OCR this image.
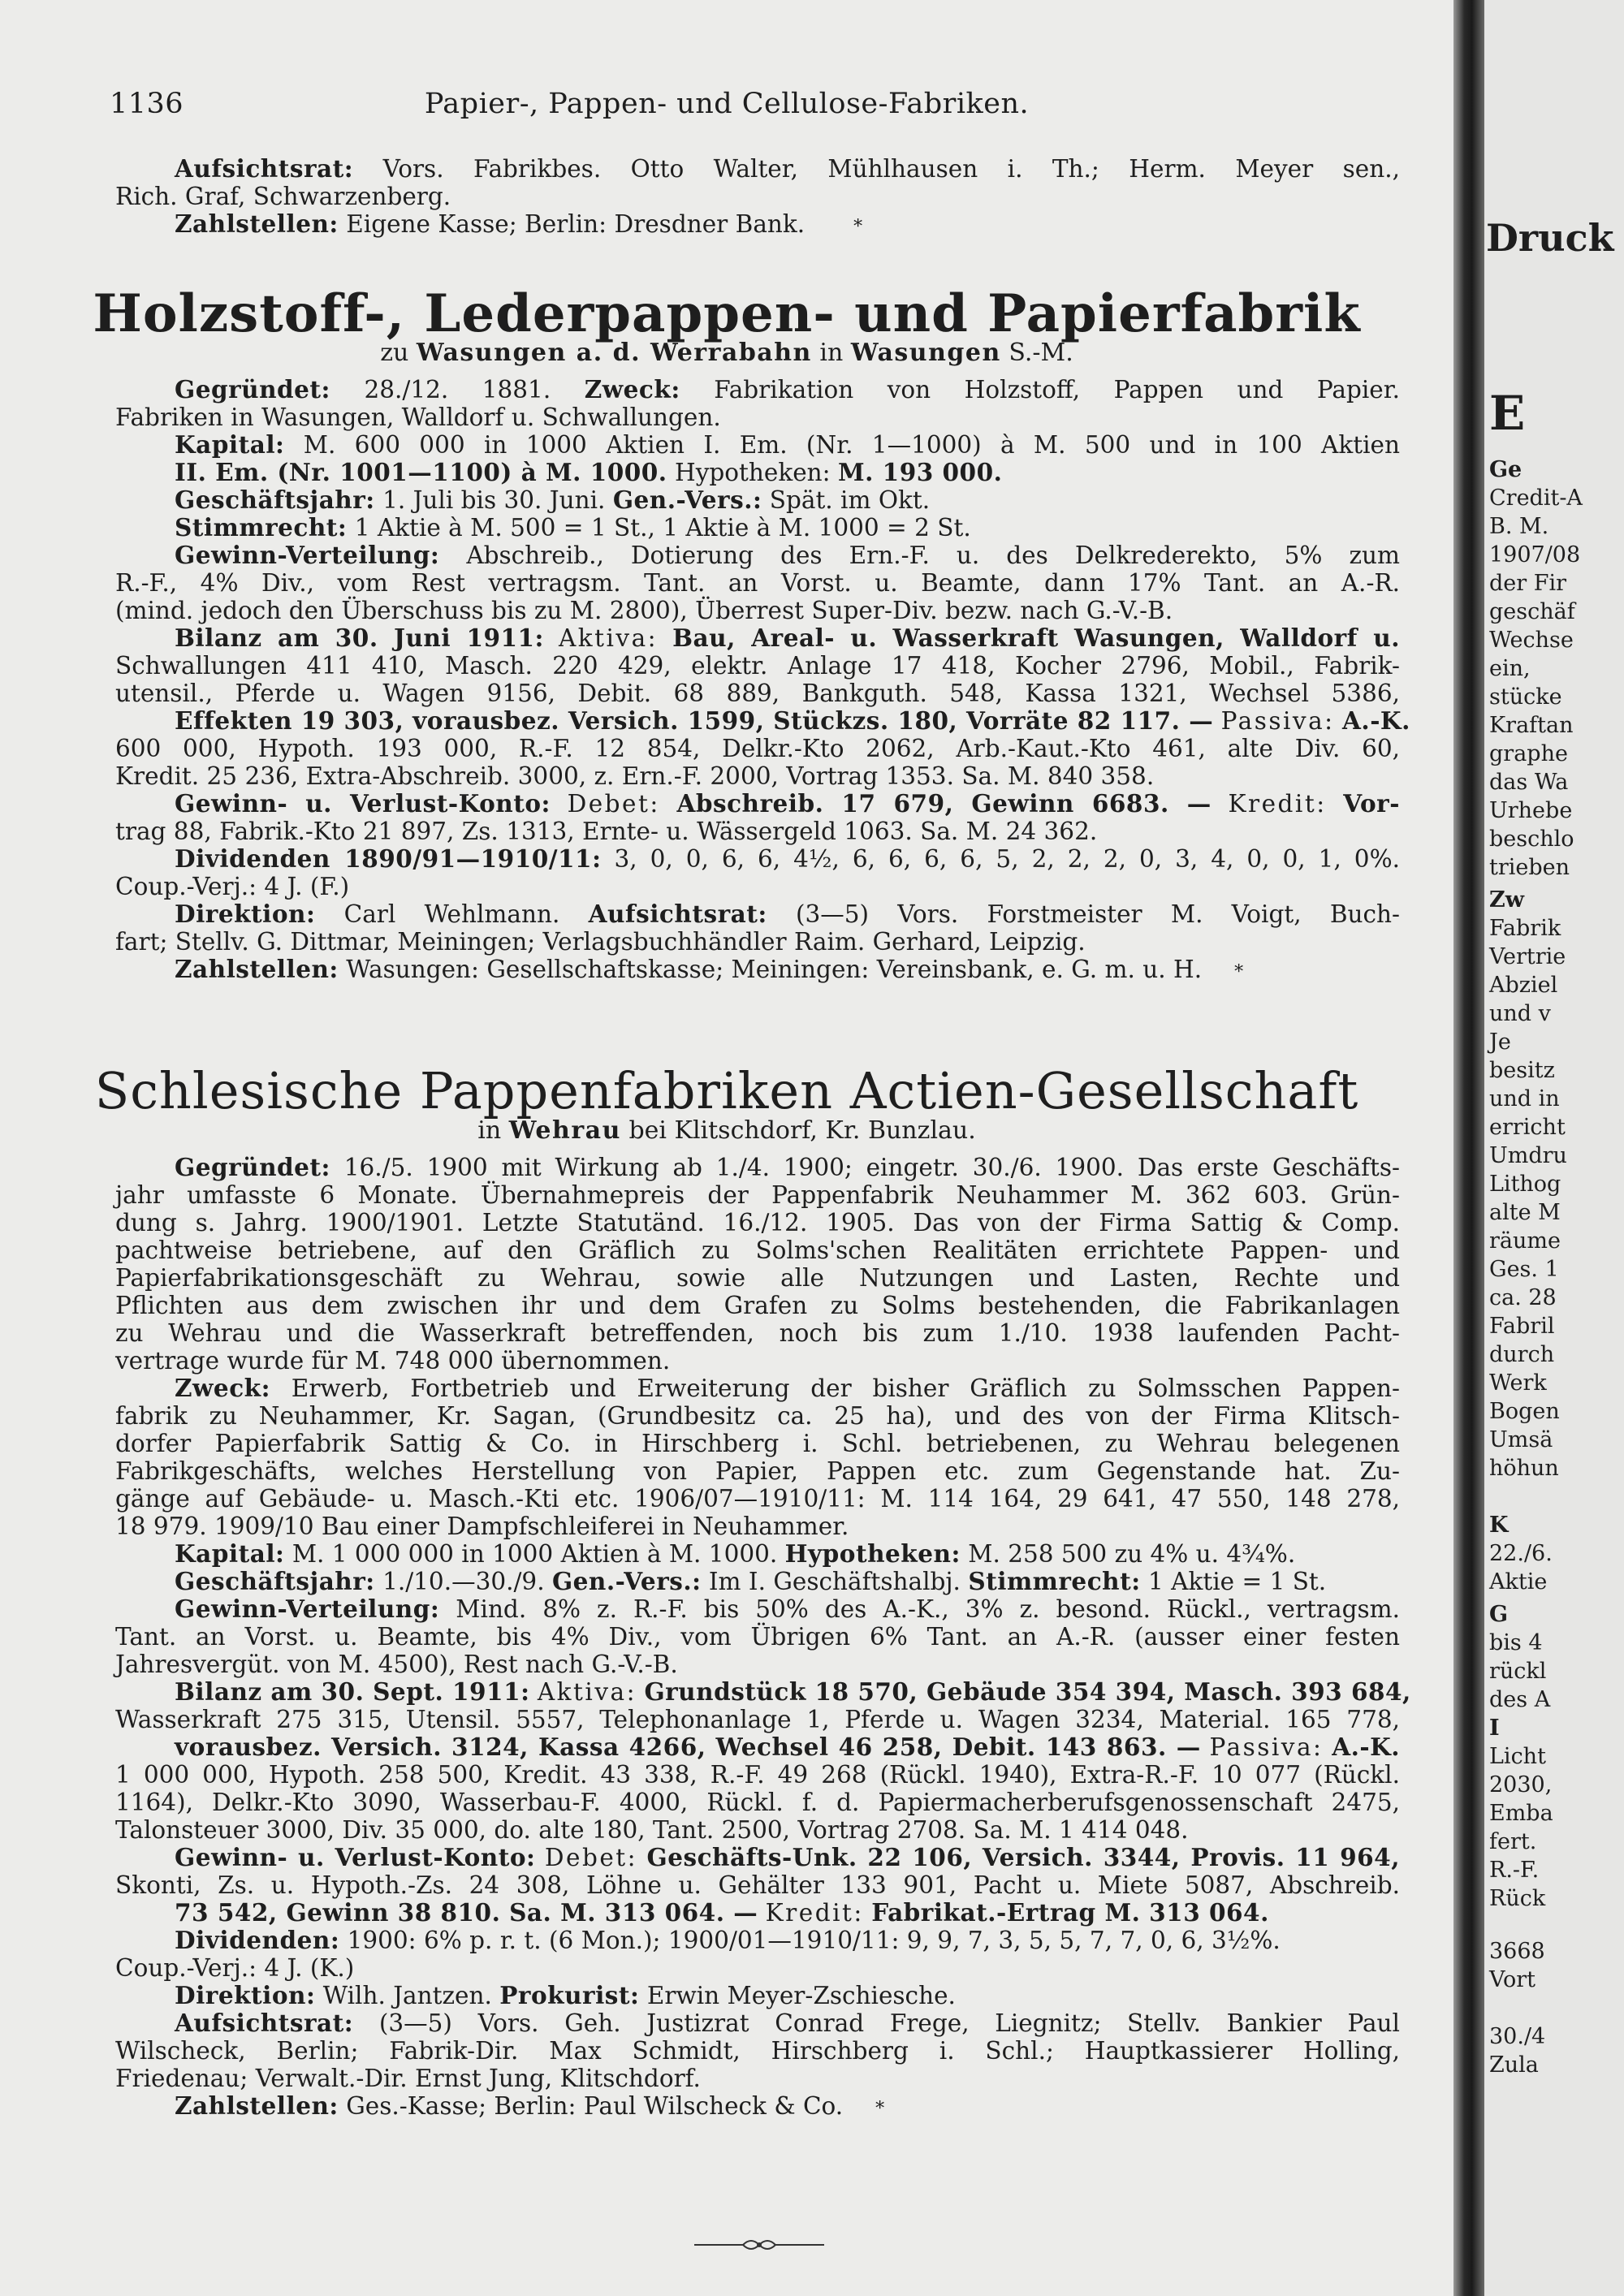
1136	Papier-, Pappen- und Cellulose-Fabriken.
Aufsichtsrat: Vors. Fabrikbes. Otto Walter, Mühlhausen i. Th.; Herm. Meyer sen.,
Rich. Graf, Schwarzenberg.
Zahlstellen: Eigene Kasse; Berlin: Dresdner Bank.	*
Holzstoff-, Lederpappen- und Papierfabrik
zu Wasungen a. d. Werrabahn in Wasungen S.-M.
Gegründet: 28./12. 1881. Zweck: Fabrikation von Holzstoff, Pappen und Papier.
Fabriken in Wasungen, Walldorf u. Schwallungen.
Kapital: M. 600 000 in 1000 Aktien I. Em. (Nr. 1—1000) à M. 500 und in 100 Aktien
II. Em. (Nr. 1001—1100) à M. 1000. Hypotheken: M. 193 000.
Geschäftsjahr: 1. Juli bis 30. Juni. Gen.-Vers.: Spät. im Okt.
Stimmrecht: 1 Aktie à M. 500 = 1 St., 1 Aktie à M. 1000 = 2 St.
Gewinn-Verteilung: Abschreib., Dotierung des Ern.-F. u. des Delkrederekto, 5% zum
R.-F., 4% Div., vom Rest vertragsm. Tant. an Vorst. u. Beamte, dann 17% Tant. an A.-R.
(mind. jedoch den Überschuss bis zu M. 2800), Überrest Super-Div. bezw. nach G.-V.-B.
Bilanz am 30. Juni 1911: Aktiva: Bau, Areal- u. Wasserkraft Wasungen, Walldorf u.
Schwallungen 411 410, Masch. 220 429, elektr. Anlage 17 418, Kocher 2796, Mobil., Fabrik-
utensil., Pferde u. Wagen 9156, Debit. 68 889, Bankguth. 548, Kassa 1321, Wechsel 5386,
Effekten 19 303, vorausbez. Versich. 1599, Stückzs. 180, Vorräte 82 117. — Passiva: A.-K.
600 000, Hypoth. 193 000, R.-F. 12 854, Delkr.-Kto 2062, Arb.-Kaut.-Kto 461, alte Div. 60,
Kredit. 25 236, Extra-Abschreib. 3000, z. Ern.-F. 2000, Vortrag 1353. Sa. M. 840 358.
Gewinn- u. Verlust-Konto: Debet: Abschreib. 17 679, Gewinn 6683. — Kredit: Vor-
trag 88, Fabrik.-Kto 21 897, Zs. 1313, Ernte- u. Wässergeld 1063. Sa. M. 24 362.
Dividenden 1890/91—1910/11: 3, 0, 0, 6, 6, 4½, 6, 6, 6, 6, 5, 2, 2, 2, 0, 3, 4, 0, 0, 1, 0%.
Coup.-Verj.: 4 J. (F.)
Direktion: Carl Wehlmann. Aufsichtsrat: (3—5) Vors. Forstmeister M. Voigt, Buch-
fart; Stellv. G. Dittmar, Meiningen; Verlagsbuchhändler Raim. Gerhard, Leipzig.
Zahlstellen: Wasungen: Gesellschaftskasse; Meiningen: Vereinsbank, e. G. m. u. H. *
Schlesische Pappenfabriken Actien-Gesellschaft
in Wehrau bei Klitschdorf, Kr. Bunzlau.
Gegründet: 16./5. 1900 mit Wirkung ab 1./4. 1900; eingetr. 30./6. 1900. Das erste Geschäfts-
jahr umfasste 6 Monate. Übernahmepreis der Pappenfabrik Neuhammer M. 362 603. Grün-
dung s. Jahrg. 1900/1901. Letzte Statutänd. 16./12. 1905. Das von der Firma Sattig & Comp.
pachtweise betriebene, auf den Gräflich zu Solms'schen Realitäten errichtete Pappen- und
Papierfabrikationsgeschäft zu Wehrau, sowie alle Nutzungen und Lasten, Rechte und
Pflichten aus dem zwischen ihr und dem Grafen zu Solms bestehenden, die Fabrikanlagen
zu Wehrau und die Wasserkraft betreffenden, noch bis zum 1./10. 1938 laufenden Pacht-
vertrage wurde für M. 748 000 übernommen.
Zweck: Erwerb, Fortbetrieb und Erweiterung der bisher Gräflich zu Solmsschen Pappen-
fabrik zu Neuhammer, Kr. Sagan, (Grundbesitz ca. 25 ha), und des von der Firma Klitsch-
dorfer Papierfabrik Sattig & Co. in Hirschberg i. Schl. betriebenen, zu Wehrau belegenen
Fabrikgeschäfts, welches Herstellung von Papier, Pappen etc. zum Gegenstande hat. Zu-
gänge auf Gebäude- u. Masch.-Kti etc. 1906/07—1910/11: M. 114 164, 29 641, 47 550, 148 278,
18 979. 1909/10 Bau einer Dampfschleiferei in Neuhammer.
Kapital: M. 1 000 000 in 1000 Aktien à M. 1000. Hypotheken: M. 258 500 zu 4% u. 4¾%.
Geschäftsjahr: 1./10.—30./9. Gen.-Vers.: Im I. Geschäftshalbj. Stimmrecht: 1 Aktie = 1 St.
Gewinn-Verteilung: Mind. 8% z. R.-F. bis 50% des A.-K., 3% z. besond. Rückl., vertragsm.
Tant. an Vorst. u. Beamte, bis 4% Div., vom Übrigen 6% Tant. an A.-R. (ausser einer festen
Jahresvergüt. von M. 4500), Rest nach G.-V.-B.
Bilanz am 30. Sept. 1911: Aktiva: Grundstück 18 570, Gebäude 354 394, Masch. 393 684,
Wasserkraft 275 315, Utensil. 5557, Telephonanlage 1, Pferde u. Wagen 3234, Material. 165 778,
vorausbez. Versich. 3124, Kassa 4266, Wechsel 46 258, Debit. 143 863. — Passiva: A.-K.
1 000 000, Hypoth. 258 500, Kredit. 43 338, R.-F. 49 268 (Rückl. 1940), Extra-R.-F. 10 077 (Rückl.
1164), Delkr.-Kto 3090, Wasserbau-F. 4000, Rückl. f. d. Papiermacherberufsgenossenschaft 2475,
Talonsteuer 3000, Div. 35 000, do. alte 180, Tant. 2500, Vortrag 2708. Sa. M. 1 414 048.
Gewinn- u. Verlust-Konto: Debet: Geschäfts-Unk. 22 106, Versich. 3344, Provis. 11 964,
Skonti, Zs. u. Hypoth.-Zs. 24 308, Löhne u. Gehälter 133 901, Pacht u. Miete 5087, Abschreib.
73 542, Gewinn 38 810. Sa. M. 313 064. — Kredit: Fabrikat.-Ertrag M. 313 064.
Dividenden: 1900: 6% p. r. t. (6 Mon.); 1900/01—1910/11: 9, 9, 7, 3, 5, 5, 7, 7, 0, 6, 3½%.
Coup.-Verj.: 4 J. (K.)
Direktion: Wilh. Jantzen. Prokurist: Erwin Meyer-Zschiesche.
Aufsichtsrat: (3—5) Vors. Geh. Justizrat Conrad Frege, Liegnitz; Stellv. Bankier Paul
Wilscheck, Berlin; Fabrik-Dir. Max Schmidt, Hirschberg i. Schl.; Hauptkassierer Holling,
Friedenau; Verwalt.-Dir. Ernst Jung, Klitschdorf.
Zahlstellen: Ges.-Kasse; Berlin: Paul Wilscheck & Co. *
Druck
E
Ge
Credit-A
B. M.
1907/08
der Fir
geschäf
Wechse
ein,
stücke
Kraftan
graphe
das Wa
Urhebe
beschlo
trieben
Zw
Fabrik
Vertrie
Abziel
und v
Je
besitz
und in
erricht
Umdru
Lithog
alte M
räume
Ges. 1
ca. 28
Fabril
durch
Werk
Bogen
Umsä
höhun
K
22./6.
Aktie
G
bis 4
rückl
des A
I
Licht
2030,
Emba
fert.
R.-F.
Rück
3668
Vort
30./4
Zula
